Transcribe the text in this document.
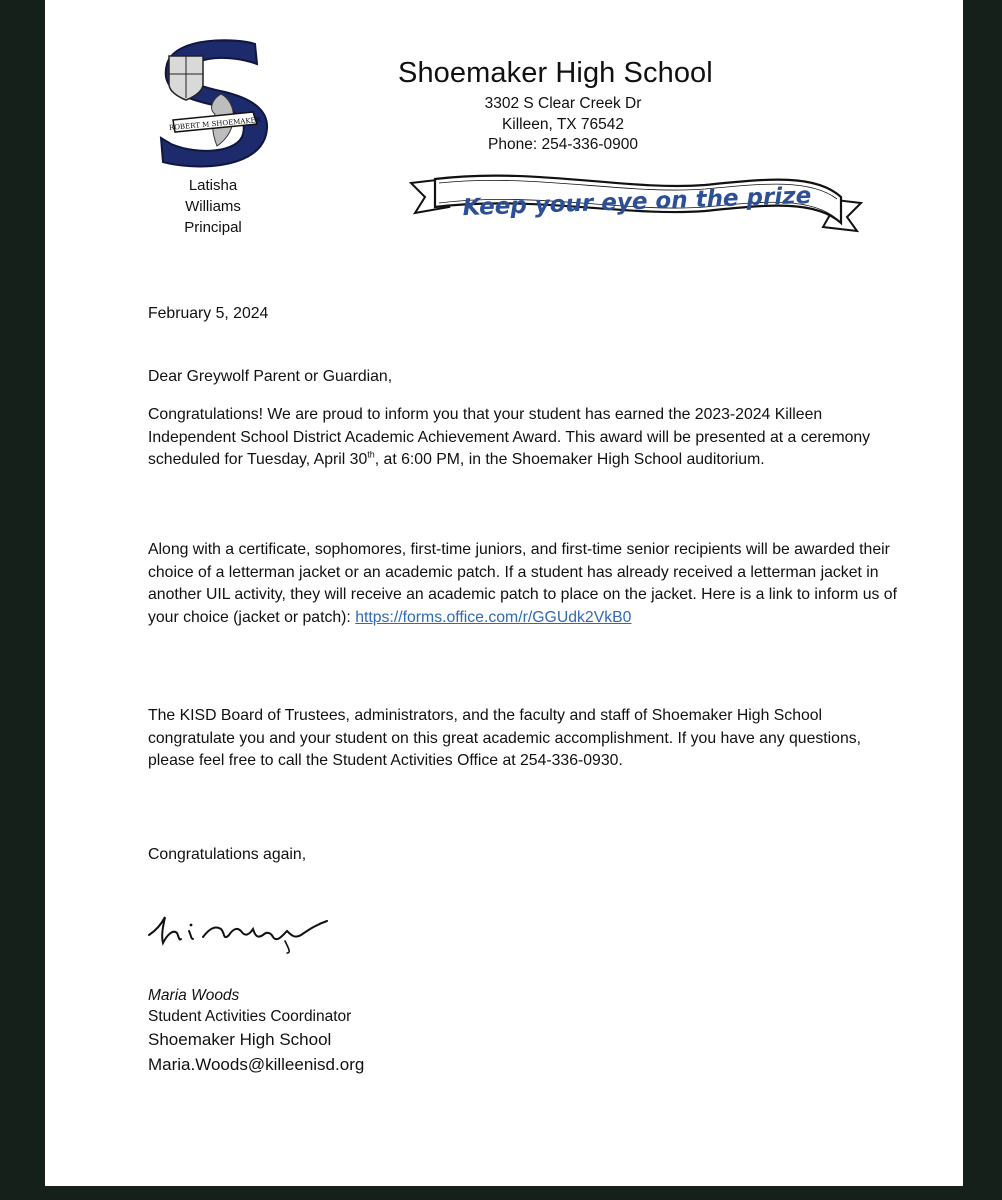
ROBERT M SHOEMAKER
Latisha
Williams
Principal
Shoemaker High School
3302 S Clear Creek Dr
Killeen, TX 76542
Phone: 254-336-0900
Keep your eye on the prize
February 5, 2024
Dear Greywolf Parent or Guardian,
Congratulations! We are proud to inform you that your student has earned the 2023-2024 Killeen Independent School District Academic Achievement Award. This award will be presented at a ceremony scheduled for Tuesday, April 30th, at 6:00 PM, in the Shoemaker High School auditorium.
Along with a certificate, sophomores, first-time juniors, and first-time senior recipients will be awarded their choice of a letterman jacket or an academic patch. If a student has already received a letterman jacket in another UIL activity, they will receive an academic patch to place on the jacket. Here is a link to inform us of your choice (jacket or patch): https://forms.office.com/r/GGUdk2VkB0
The KISD Board of Trustees, administrators, and the faculty and staff of Shoemaker High School congratulate you and your student on this great academic accomplishment. If you have any questions, please feel free to call the Student Activities Office at 254-336-0930.
Congratulations again,
Maria Woods
Student Activities Coordinator
Shoemaker High School
Maria.Woods@killeenisd.org
